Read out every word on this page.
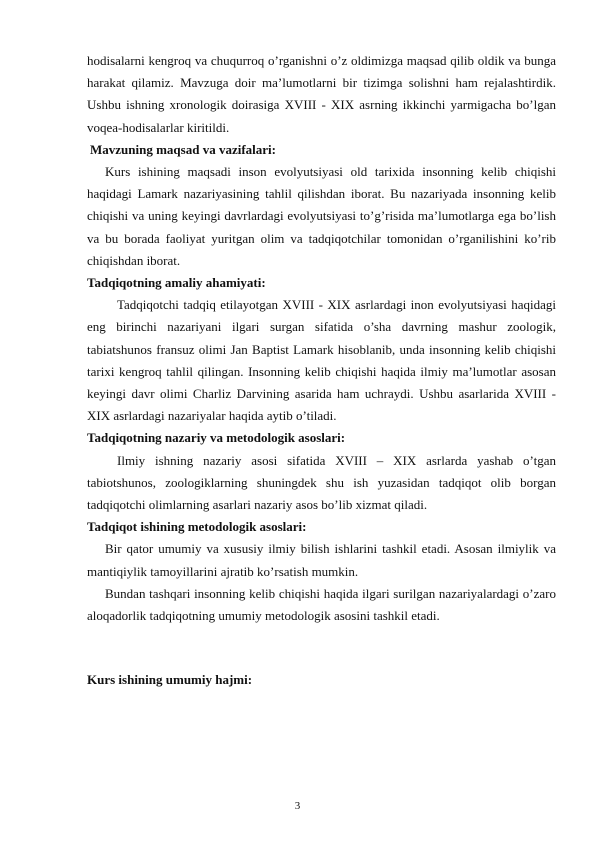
hodisalarni kengroq va chuqurroq o’rganishni o’z oldimizga maqsad qilib oldik va bunga harakat qilamiz. Mavzuga doir ma’lumotlarni bir tizimga solishni ham rejalashtirdik. Ushbu ishning xronologik doirasiga XVIII - XIX asrning ikkinchi yarmigacha bo’lgan voqea-hodisalarlar kiritildi.

Mavzuning maqsad va vazifalari:

Kurs ishining maqsadi inson evolyutsiyasi old tarixida insonning kelib chiqishi haqidagi Lamark nazariyasining tahlil qilishdan iborat. Bu nazariyada insonning kelib chiqishi va uning keyingi davrlardagi evolyutsiyasi to’g’risida ma’lumotlarga ega bo’lish va bu borada faoliyat yuritgan olim va tadqiqotchilar tomonidan o’rganilishini ko’rib chiqishdan iborat.

Tadqiqotning amaliy ahamiyati:

Tadqiqotchi tadqiq etilayotgan XVIII - XIX asrlardagi inon evolyutsiyasi haqidagi eng birinchi nazariyani ilgari surgan sifatida o’sha davrning mashur zoologik, tabiatshunos fransuz olimi Jan Baptist Lamark hisoblanib, unda insonning kelib chiqishi tarixi kengroq tahlil qilingan. Insonning kelib chiqishi haqida ilmiy ma’lumotlar asosan keyingi davr olimi Charliz Darvining asarida ham uchraydi. Ushbu asarlarida XVIII - XIX asrlardagi nazariyalar haqida aytib o’tiladi.

Tadqiqotning nazariy va metodologik asoslari:

Ilmiy ishning nazariy asosi sifatida XVIII – XIX asrlarda yashab o’tgan tabiotshunos, zoologiklarning shuningdek shu ish yuzasidan tadqiqot olib borgan tadqiqotchi olimlarning asarlari nazariy asos bo’lib xizmat qiladi.

Tadqiqot ishining metodologik asoslari:

Bir qator umumiy va xususiy ilmiy bilish ishlarini tashkil etadi. Asosan ilmiylik va mantiqiylik tamoyillarini ajratib ko’rsatish mumkin.

Bundan tashqari insonning kelib chiqishi haqida ilgari surilgan nazariyalardagi o’zaro aloqadorlik tadqiqotning umumiy metodologik asosini tashkil etadi.

Kurs ishining umumiy hajmi:

3
